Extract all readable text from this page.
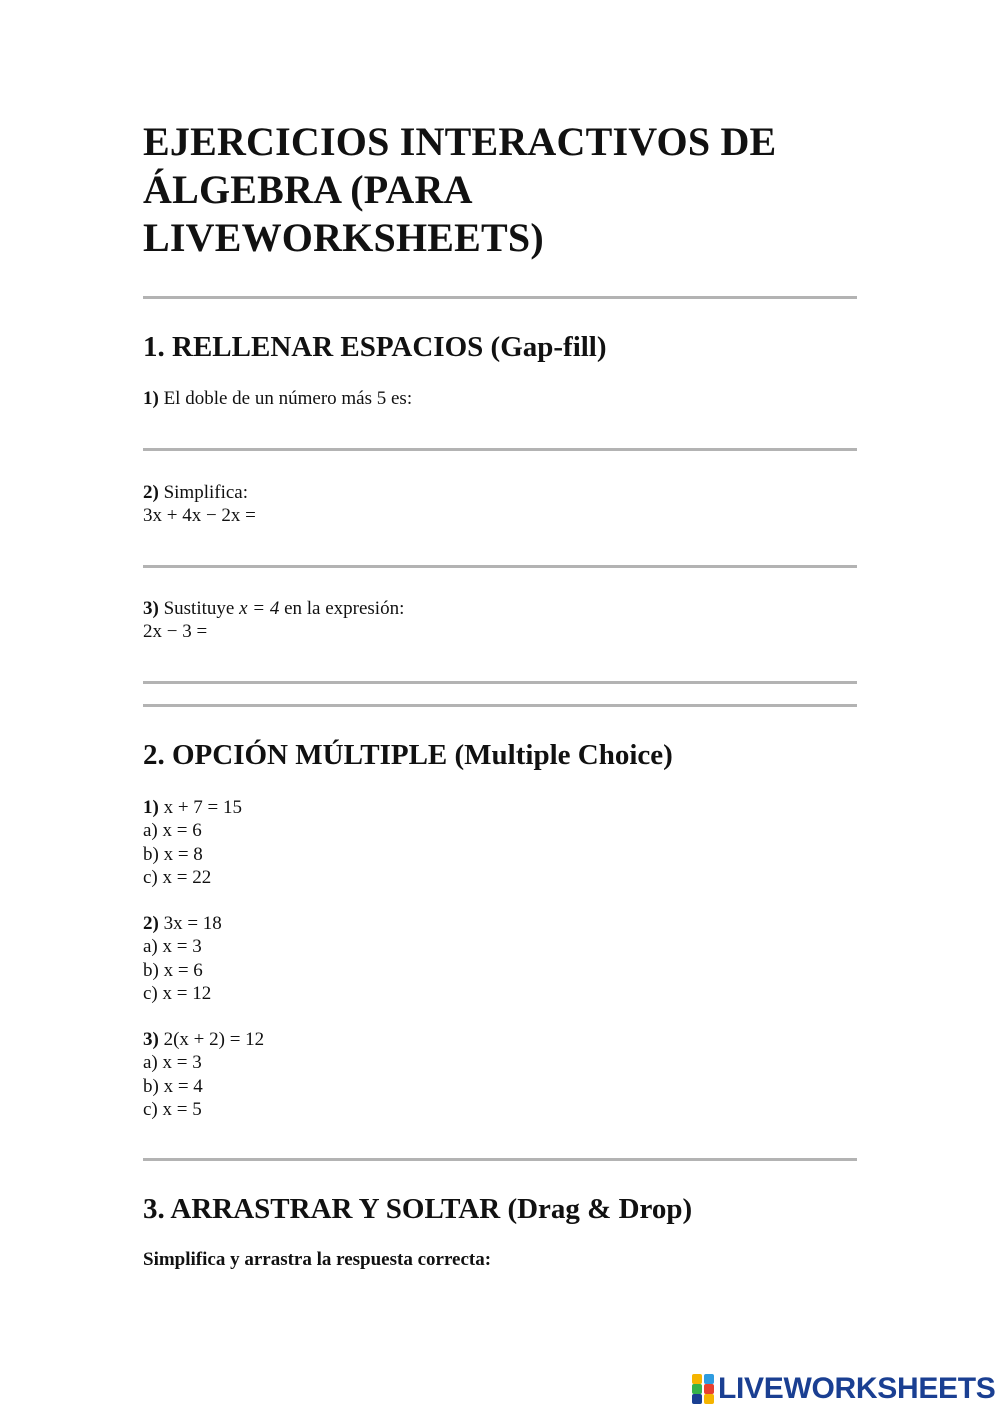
EJERCICIOS INTERACTIVOS DE ÁLGEBRA (PARA LIVEWORKSHEETS)
1. RELLENAR ESPACIOS (Gap-fill)
1) El doble de un número más 5 es:
2) Simplifica:
3x + 4x − 2x =
3) Sustituye x = 4 en la expresión:
2x − 3 =
2. OPCIÓN MÚLTIPLE (Multiple Choice)
1) x + 7 = 15
a) x = 6
b) x = 8
c) x = 22
2) 3x = 18
a) x = 3
b) x = 6
c) x = 12
3) 2(x + 2) = 12
a) x = 3
b) x = 4
c) x = 5
3. ARRASTRAR Y SOLTAR (Drag & Drop)
Simplifica y arrastra la respuesta correcta:
LIVEWORKSHEETS
